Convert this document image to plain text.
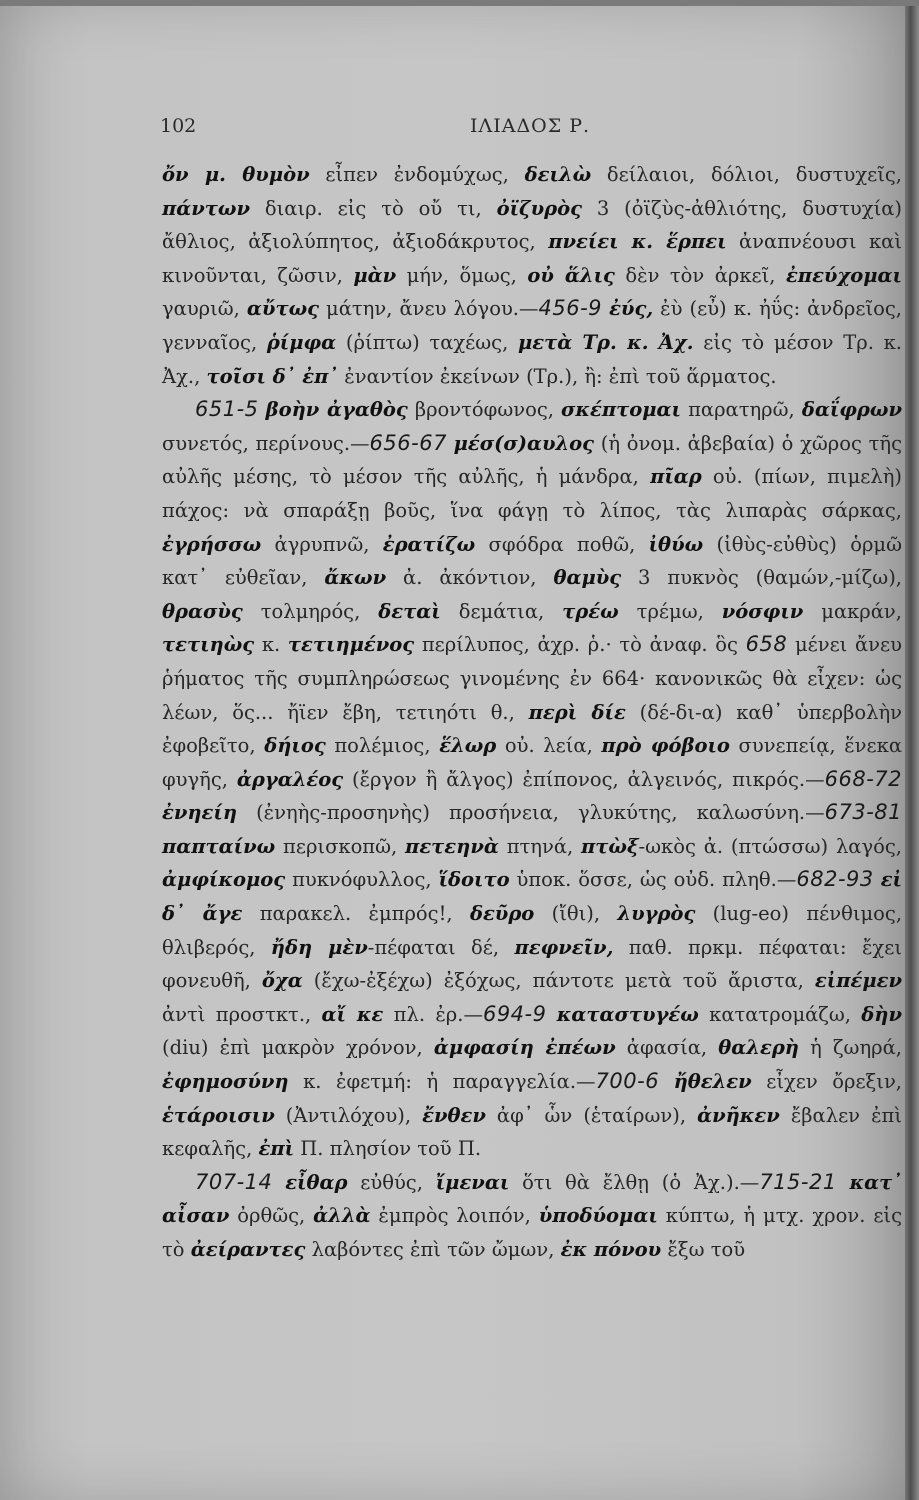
102	ΙΛΙΑΔΟΣ Ρ.

ὄν μ. θυμὸν εἶπεν ἐνδομύχως, δειλὼ δείλαιοι, δόλιοι, δυστυχεῖς, πάντων διαιρ. εἰς τὸ οὔ τι, ὀϊζυρὸς 3 (ὀϊζὺς-ἀθλιότης, δυστυχία) ἄθλιος, ἀξιολύπητος, ἀξιοδάκρυτος, πνείει κ. ἕρπει ἀναπνέουσι καὶ κινοῦνται, ζῶσιν, μὰν μήν, ὅμως, οὐ ἅλις δὲν τὸν ἀρκεῖ, ἐπεύχομαι γαυριῶ, αὔτως μάτην, ἄνευ λόγου.—456-9 ἐύς, ἐὺ (εὖ) κ. ἠΰς: ἀνδρεῖος, γενναῖος, ῥίμφα (ῥίπτω) ταχέως, μετὰ Τρ. κ. Ἀχ. εἰς τὸ μέσον Τρ. κ. Ἀχ., τοῖσι δ᾽ ἐπ᾽ ἐναντίον ἐκείνων (Τρ.), ἢ: ἐπὶ τοῦ ἅρματος.

651-5 βοὴν ἀγαθὸς βροντόφωνος, σκέπτομαι παρατηρῶ, δαΐφρων συνετός, περίνους.—656-67 μέσ(σ)αυλος (ἡ ὀνομ. ἀβεβαία) ὁ χῶρος τῆς αὐλῆς μέσης, τὸ μέσον τῆς αὐλῆς, ἡ μάνδρα, πῖαρ οὐ. (πίων, πιμελὴ) πάχος: νὰ σπαράξῃ βοῦς, ἵνα φάγῃ τὸ λίπος, τὰς λιπαρὰς σάρκας, ἐγρήσσω ἀγρυπνῶ, ἐρατίζω σφόδρα ποθῶ, ἰθύω (ἰθὺς-εὐθὺς) ὁρμῶ κατ᾽ εὐθεῖαν, ἄκων ἀ. ἀκόντιον, θαμὺς 3 πυκνὸς (θαμών,-μίζω), θρασὺς τολμηρός, δεταὶ δεμάτια, τρέω τρέμω, νόσφιν μακράν, τετιηὼς κ. τετιημένος περίλυπος, ἀχρ. ῥ.· τὸ ἀναφ. ὃς 658 μένει ἄνευ ῥήματος τῆς συμπληρώσεως γινομένης ἐν 664· κανονικῶς θὰ εἶχεν: ὡς λέων, ὅς... ἤϊεν ἔβη, τετιηότι θ., περὶ δίε (δέ-δι-α) καθ᾽ ὑπερβολὴν ἐφοβεῖτο, δήιος πολέμιος, ἕλωρ οὐ. λεία, πρὸ φόβοιο συνεπείᾳ, ἕνεκα φυγῆς, ἀργαλέος (ἔργον ἢ ἄλγος) ἐπίπονος, ἀλγεινός, πικρός.—668-72 ἐνηείη (ἐνηὴς-προσηνὴς) προσήνεια, γλυκύτης, καλωσύνη.—673-81 παπταίνω περισκοπῶ, πετεηνὰ πτηνά, πτὼξ-ωκὸς ἀ. (πτώσσω) λαγός, ἀμφίκομος πυκνόφυλλος, ἵδοιτο ὑποκ. ὅσσε, ὡς οὐδ. πληθ.—682-93 εἰ δ᾽ ἄγε παρακελ. ἐμπρός!, δεῦρο (ἴθι), λυγρὸς (lug-eo) πένθιμος, θλιβερός, ἤδη μὲν-πέφαται δέ, πεφνεῖν, παθ. πρκμ. πέφαται: ἔχει φονευθῆ, ὄχα (ἔχω-ἐξέχω) ἐξόχως, πάντοτε μετὰ τοῦ ἄριστα, εἰπέμεν ἀντὶ προστκτ., αἴ κε πλ. ἐρ.—694-9 καταστυγέω κατατρομάζω, δὴν (diu) ἐπὶ μακρὸν χρόνον, ἀμφασίη ἐπέων ἀφασία, θαλερὴ ἡ ζωηρά, ἐφημοσύνη κ. ἐφετμή: ἡ παραγγελία.—700-6 ἤθελεν εἶχεν ὄρεξιν, ἑτάροισιν (Ἀντιλόχου), ἔνθεν ἀφ᾽ ὧν (ἑταίρων), ἀνῆκεν ἔβαλεν ἐπὶ κεφαλῆς, ἐπὶ Π. πλησίον τοῦ Π.

707-14 εἶθαρ εὐθύς, ἴμεναι ὅτι θὰ ἔλθῃ (ὁ Ἀχ.).—715-21 κατ᾽ αἶσαν ὀρθῶς, ἀλλὰ ἐμπρὸς λοιπόν, ὑποδύομαι κύπτω, ἡ μτχ. χρον. εἰς τὸ ἀείραντες λαβόντες ἐπὶ τῶν ὤμων, ἐκ πόνου ἔξω τοῦ
